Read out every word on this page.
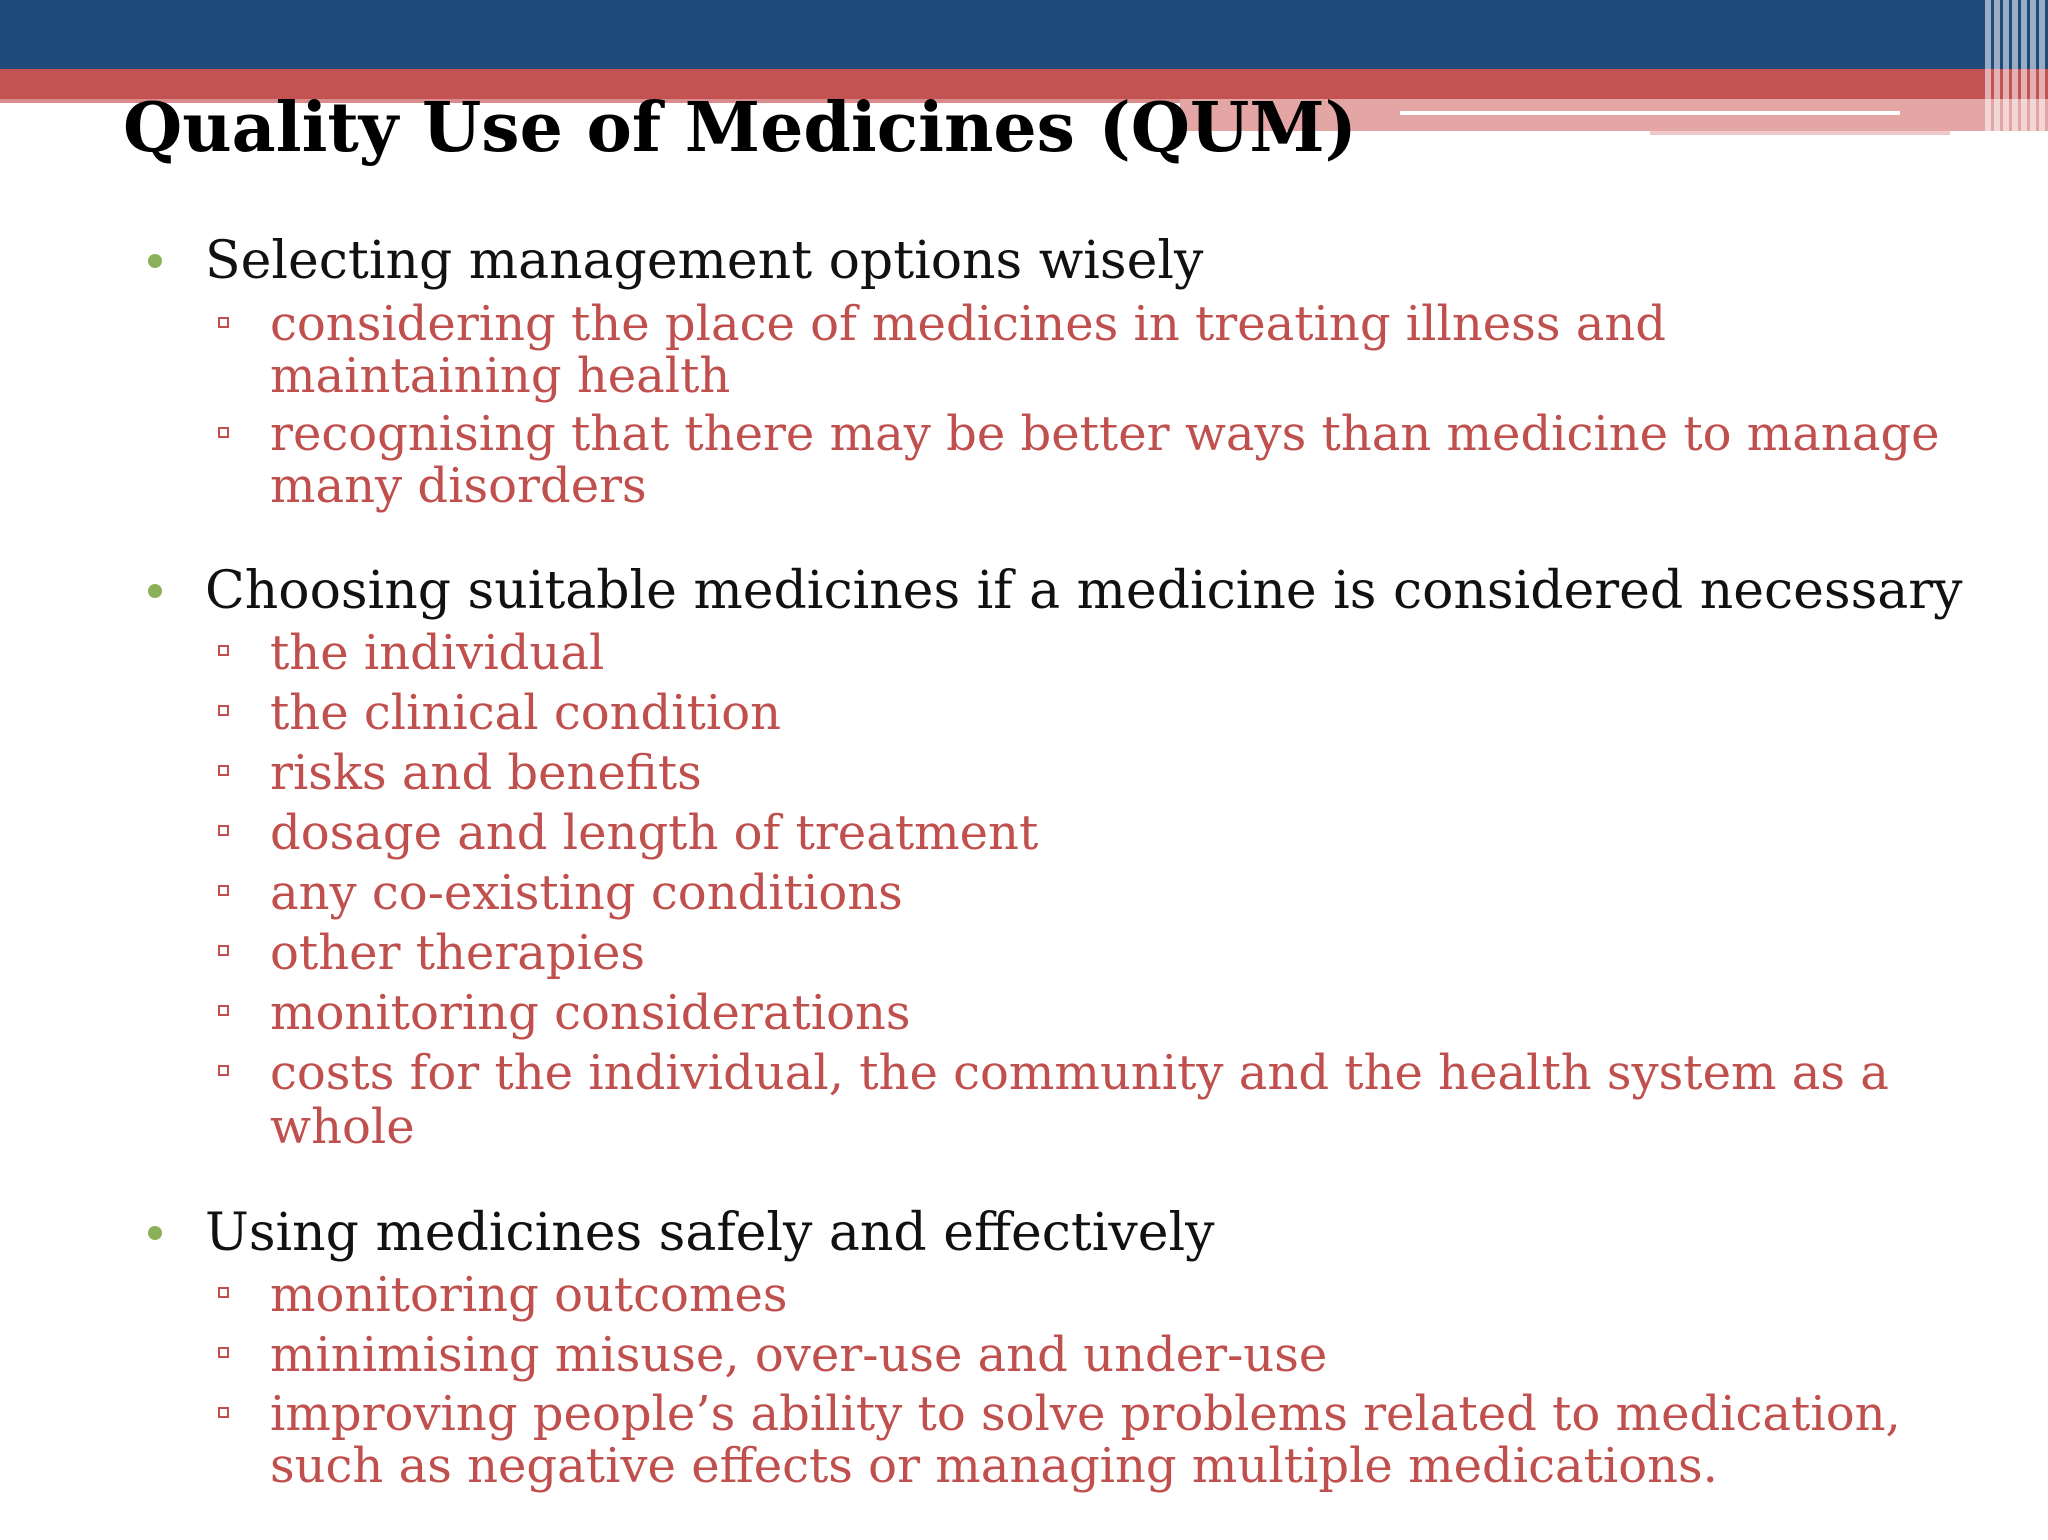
Quality Use of Medicines (QUM)

Selecting management options wisely

considering the place of medicines in treating illness and maintaining health

recognising that there may be better ways than medicine to manage many disorders

Choosing suitable medicines if a medicine is considered necessary

the individual

the clinical condition

risks and benefits

dosage and length of treatment

any co-existing conditions

other therapies

monitoring considerations

costs for the individual, the community and the health system as a whole

Using medicines safely and effectively

monitoring outcomes

minimising misuse, over-use and under-use

improving people’s ability to solve problems related to medication, such as negative effects or managing multiple medications.
